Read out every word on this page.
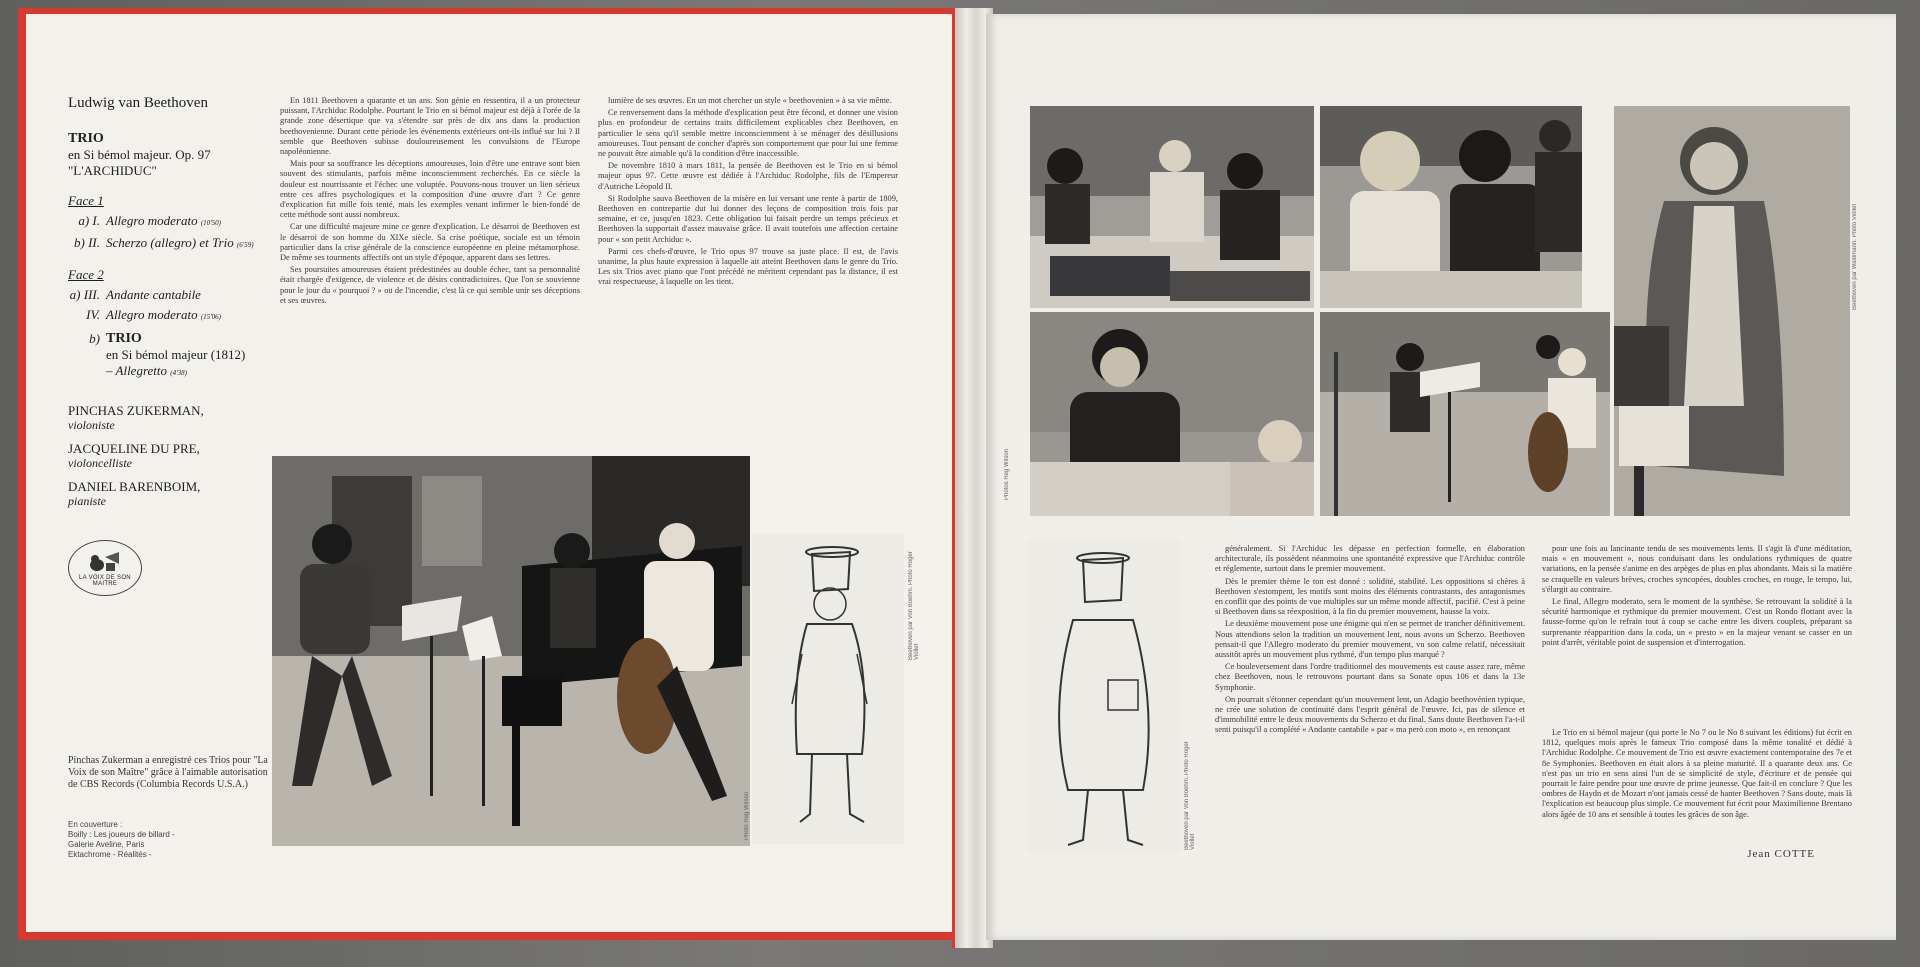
Ludwig van Beethoven
TRIO
en Si bémol majeur. Op. 97
"L'ARCHIDUC"
Face 1
a) I. Allegro moderato (10'50)
b) II. Scherzo (allegro) et Trio (6'59)
Face 2
a) III. Andante cantabile
IV. Allegro moderato (15'06)
b) TRIO
en Si bémol majeur (1812)
– Allegretto (4'38)
PINCHAS ZUKERMAN,
violoniste
JACQUELINE DU PRE,
violoncelliste
DANIEL BARENBOIM,
pianiste
LA VOIX DE SON MAITRE
Pinchas Zukerman a enregistré ces Trios pour "La Voix de son Maître" grâce à l'aimable autorisation de CBS Records (Columbia Records U.S.A.)
En couverture :
Boilly : Les joueurs de billard -
Galerie Aveline, Paris
Ektachrome - Réalités -

En 1811 Beethoven a quarante et un ans. Son génie en ressentira, il a un protecteur puissant, l'Archiduc Rodolphe. Pourtant le Trio en si bémol majeur est déjà à l'orée de la grande zone désertique que va s'étendre sur près de dix ans dans la production beethovenienne. Durant cette période les événements extérieurs ont-ils influé sur lui ? Il semble que Beethoven subisse douloureusement les convulsions de l'Europe napoléonienne.

Mais pour sa souffrance les déceptions amoureuses, loin d'être une entrave sont bien souvent des stimulants, parfois même inconsciemment recherchés. En ce siècle la douleur est nourrissante et l'échec une voluptée. Pouvons-nous trouver un lien sérieux entre ces affres psychologiques et la composition d'une œuvre d'art ? Ce genre d'explication fut mille fois tenté, mais les exemples venant infirmer le bien-fondé de cette méthode sont aussi nombreux.

Car une difficulté majeure mine ce genre d'explication. Le désarroi de Beethoven est le désarroi de son homme du XIXe siècle. Sa crise poétique, sociale est un témoin particulier dans la crise générale de la conscience européenne en pleine métamorphose. De même ses tourments affectifs ont un style d'époque, apparent dans ses lettres.

Ses poursuites amoureuses étaient prédestinées au double échec, tant sa personnalité était chargée d'exigence, de violence et de désirs contradictoires. Que l'on se souvienne pour le jour du « pourquoi ? » ou de l'incendie, c'est là ce qui semble unir ses déceptions et ses œuvres.

lumière de ses œuvres. En un mot chercher un style « beethovenien » à sa vie même.

Ce renversement dans la méthode d'explication peut être fécond, et donner une vision plus en profondeur de certains traits difficilement explicables chez Beethoven, en particulier le sens qu'il semble mettre inconsciemment à se ménager des désillusions amoureuses. Tout pensant de concher d'après son comportement que pour lui une femme ne pouvait être aimable qu'à la condition d'être inaccessible.

De novembre 1810 à mars 1811, la pensée de Beethoven est le Trio en si bémol majeur opus 97. Cette œuvre est dédiée à l'Archiduc Rodolphe, fils de l'Empereur d'Autriche Léopold II.

Si Rodolphe sauva Beethoven de la misère en lui versant une rente à partir de 1809, Beethoven en contrepartie dut lui donner des leçons de composition trois fois par semaine, et ce, jusqu'en 1823. Cette obligation lui faisait perdre un temps précieux et Beethoven la supportait d'assez mauvaise grâce. Il avait toutefois une affection certaine pour « son petit Archiduc ».

Parmi ces chefs-d'œuvre, le Trio opus 97 trouve sa juste place. Il est, de l'avis unanime, la plus haute expression à laquelle ait atteint Beethoven dans le genre du Trio. Les six Trios avec piano que l'ont précédé ne méritent cependant pas la distance, il est vrai respectueuse, à laquelle on les tient.

Beethoven par Von Boehm. Photo Roger Viollet
Beethoven par Waldmann. Photo Viollet
Photos Reg Wilson
Beethoven par Von Boehm. Photo Roger Viollet

généralement. Si l'Archiduc les dépasse en perfection formelle, en élaboration architecturale, ils possèdent néanmoins une spontanéité expressive que l'Archiduc contrôle et réglemente, surtout dans le premier mouvement.

Dès le premier thème le ton est donné : solidité, stabilité. Les oppositions si chères à Beethoven s'estompent, les motifs sont moins des éléments contrastants, des antagonismes en conflit que des points de vue multiples sur un même monde affectif, pacifié. C'est à peine si Beethoven dans sa réexposition, à la fin du premier mouvement, hausse la voix.

Le deuxième mouvement pose une énigme qui n'en se permet de trancher définitivement. Nous attendions selon la tradition un mouvement lent, nous avons un Scherzo. Beethoven pensait-il que l'Allegro moderato du premier mouvement, vu son calme relatif, nécessitait aussitôt après un mouvement plus rythmé, d'un tempo plus marqué ?

Ce bouleversement dans l'ordre traditionnel des mouvements est cause assez rare, même chez Beethoven, nous le retrouvons pourtant dans sa Sonate opus 106 et dans la 13e Symphonie.

On pourrait s'étonner cependant qu'un mouvement lent, un Adagio beethovénien typique, ne crée une solution de continuité dans l'esprit général de l'œuvre. Ici, pas de silence et d'immobilité entre le deux mouvements du Scherzo et du final. Sans doute Beethoven l'a-t-il senti puisqu'il a complété « Andante cantabile » par « ma però con moto », en renonçant

pour une fois au lancinante tendu de ses mouvements lents. Il s'agit là d'une méditation, mais « en mouvement », nous conduisant dans les ondulations rythmiques de quatre variations, en la pensée s'anime en des arpèges de plus en plus abondants. Mais si la matière se craquelle en valeurs brèves, croches syncopées, doubles croches, en rouge, le tempo, lui, s'élargit au contraire.

Le final, Allegro moderato, sera le moment de la synthèse. Se retrouvant la solidité à la sécurité harmonique et rythmique du premier mouvement. C'est un Rondo flottant avec la fausse-forme qu'on le refrain tout à coup se cache entre les divers couplets, préparant sa surprenante réapparition dans la coda, un « presto » en la majeur venant se casser en un point d'arrêt, véritable point de suspension et d'interrogation.

Le Trio en si bémol majeur (qui porte le No 7 ou le No 8 suivant les éditions) fut écrit en 1812, quelques mois après le fameux Trio composé dans la même tonalité et dédié à l'Archiduc Rodolphe. Ce mouvement de Trio est œuvre exactement contemporaine des 7e et 8e Symphonies. Beethoven en était alors à sa pleine maturité. Il a quarante deux ans. Ce n'est pas un trio en sens ainsi l'un de se simplicité de style, d'écriture et de pensée qui pourrait le faire pendre pour une œuvre de prime jeunesse. Que fait-il en conclure ? Que les ombres de Haydn et de Mozart n'ont jamais cessé de hanter Beethoven ? Sans doute, mais là l'explication est beaucoup plus simple. Ce mouvement fut écrit pour Maximilienne Brentano alors âgée de 10 ans et sensible à toutes les grâces de son âge.

Jean COTTE
Photo Reg Wilson
